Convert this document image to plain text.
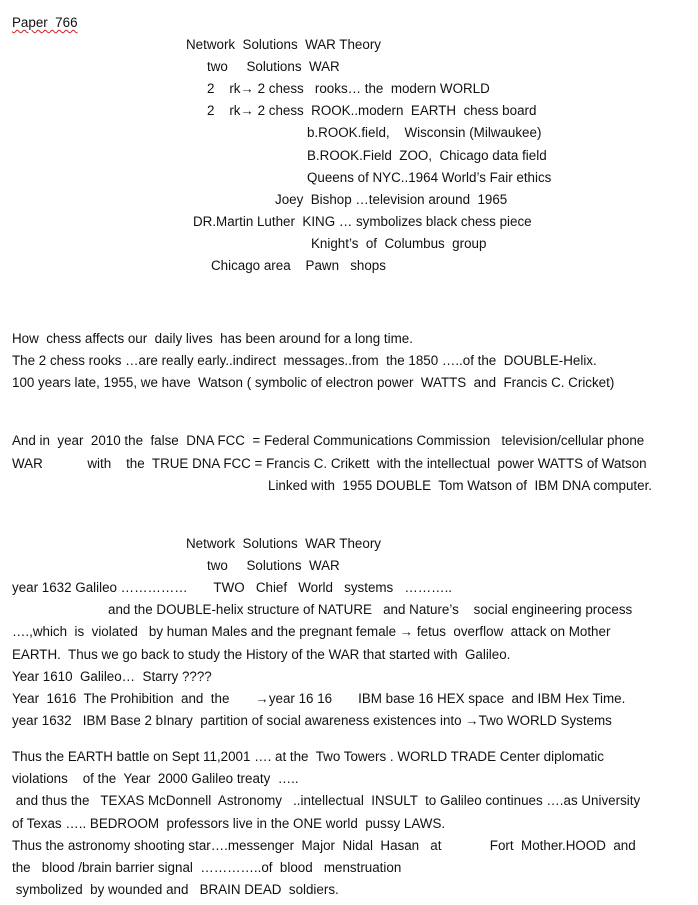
Paper  766
Network  Solutions  WAR Theory
two     Solutions  WAR
2    rk→ 2 chess   rooks… the  modern WORLD
2    rk→ 2 chess  ROOK..modern  EARTH  chess board
b.ROOK.field,    Wisconsin (Milwaukee)
B.ROOK.Field  ZOO,  Chicago data field
Queens of NYC..1964 World’s Fair ethics
Joey  Bishop …television around  1965
DR.Martin Luther  KING … symbolizes black chess piece
Knight’s  of  Columbus  group
Chicago area    Pawn   shops
How  chess affects our  daily lives  has been around for a long time.
The 2 chess rooks …are really early..indirect  messages..from  the 1850 …..of the  DOUBLE-Helix.
100 years late, 1955, we have  Watson ( symbolic of electron power  WATTS  and  Francis C. Cricket)
And in  year  2010 the  false  DNA FCC  = Federal Communications Commission   television/cellular phone
WAR            with    the  TRUE DNA FCC = Francis C. Crikett  with the intellectual  power WATTS of Watson
Linked with  1955 DOUBLE  Tom Watson of  IBM DNA computer.
Network  Solutions  WAR Theory
two     Solutions  WAR
year 1632 Galileo ……………       TWO   Chief   World   systems   ………..
and the DOUBLE-helix structure of NATURE   and Nature’s    social engineering process
….,which  is  violated   by human Males and the pregnant female → fetus  overflow  attack on Mother
EARTH.  Thus we go back to study the History of the WAR that started with  Galileo.
Year 1610  Galileo…  Starry ????
Year  1616  The Prohibition  and  the       →year 16 16       IBM base 16 HEX space  and IBM Hex Time.
year 1632   IBM Base 2 bInary  partition of social awareness existences into →Two WORLD Systems
Thus the EARTH battle on Sept 11,2001 …. at the  Two Towers . WORLD TRADE Center diplomatic
violations    of the  Year  2000 Galileo treaty  …..
and thus the   TEXAS McDonnell  Astronomy   ..intellectual  INSULT  to Galileo continues ….as University
of Texas ….. BEDROOM  professors live in the ONE world  pussy LAWS.
Thus the astronomy shooting star….messenger  Major  Nidal  Hasan   at             Fort  Mother.HOOD  and
the   blood /brain barrier signal  …………..of  blood   menstruation
symbolized  by wounded and   BRAIN DEAD  soldiers.
